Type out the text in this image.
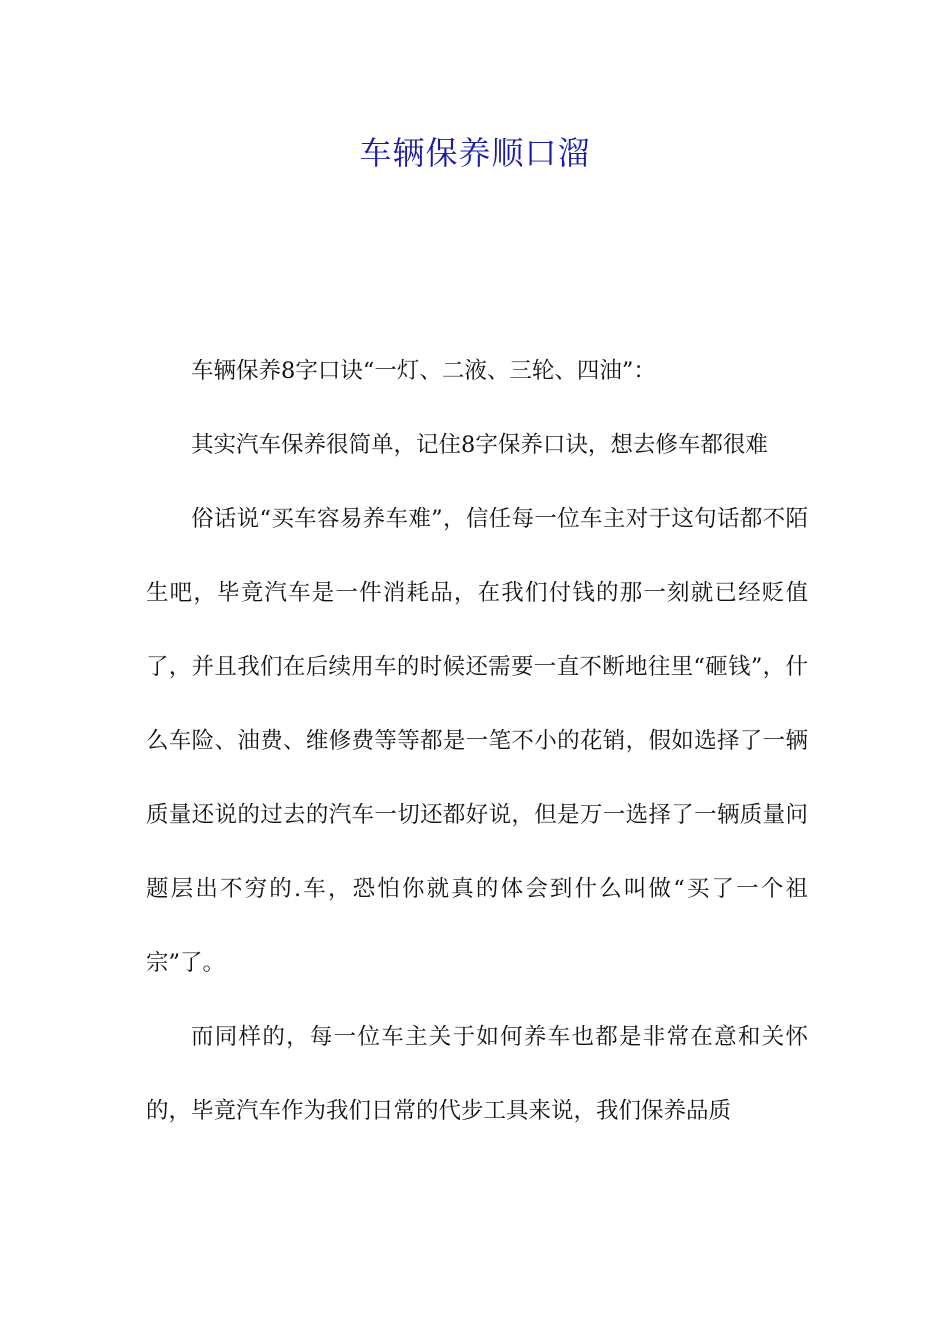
车辆保养顺口溜

车辆保养8字口诀“一灯、二液、三轮、四油”：

其实汽车保养很简单，记住8字保养口诀，想去修车都很难

俗话说“买车容易养车难”，信任每一位车主对于这句话都不陌生吧，毕竟汽车是一件消耗品，在我们付钱的那一刻就已经贬值了，并且我们在后续用车的时候还需要一直不断地往里“砸钱”，什么车险、油费、维修费等等都是一笔不小的花销，假如选择了一辆质量还说的过去的汽车一切还都好说，但是万一选择了一辆质量问题层出不穷的.车，恐怕你就真的体会到什么叫做“买了一个祖宗”了。

而同样的，每一位车主关于如何养车也都是非常在意和关怀的，毕竟汽车作为我们日常的代步工具来说，我们保养品质
